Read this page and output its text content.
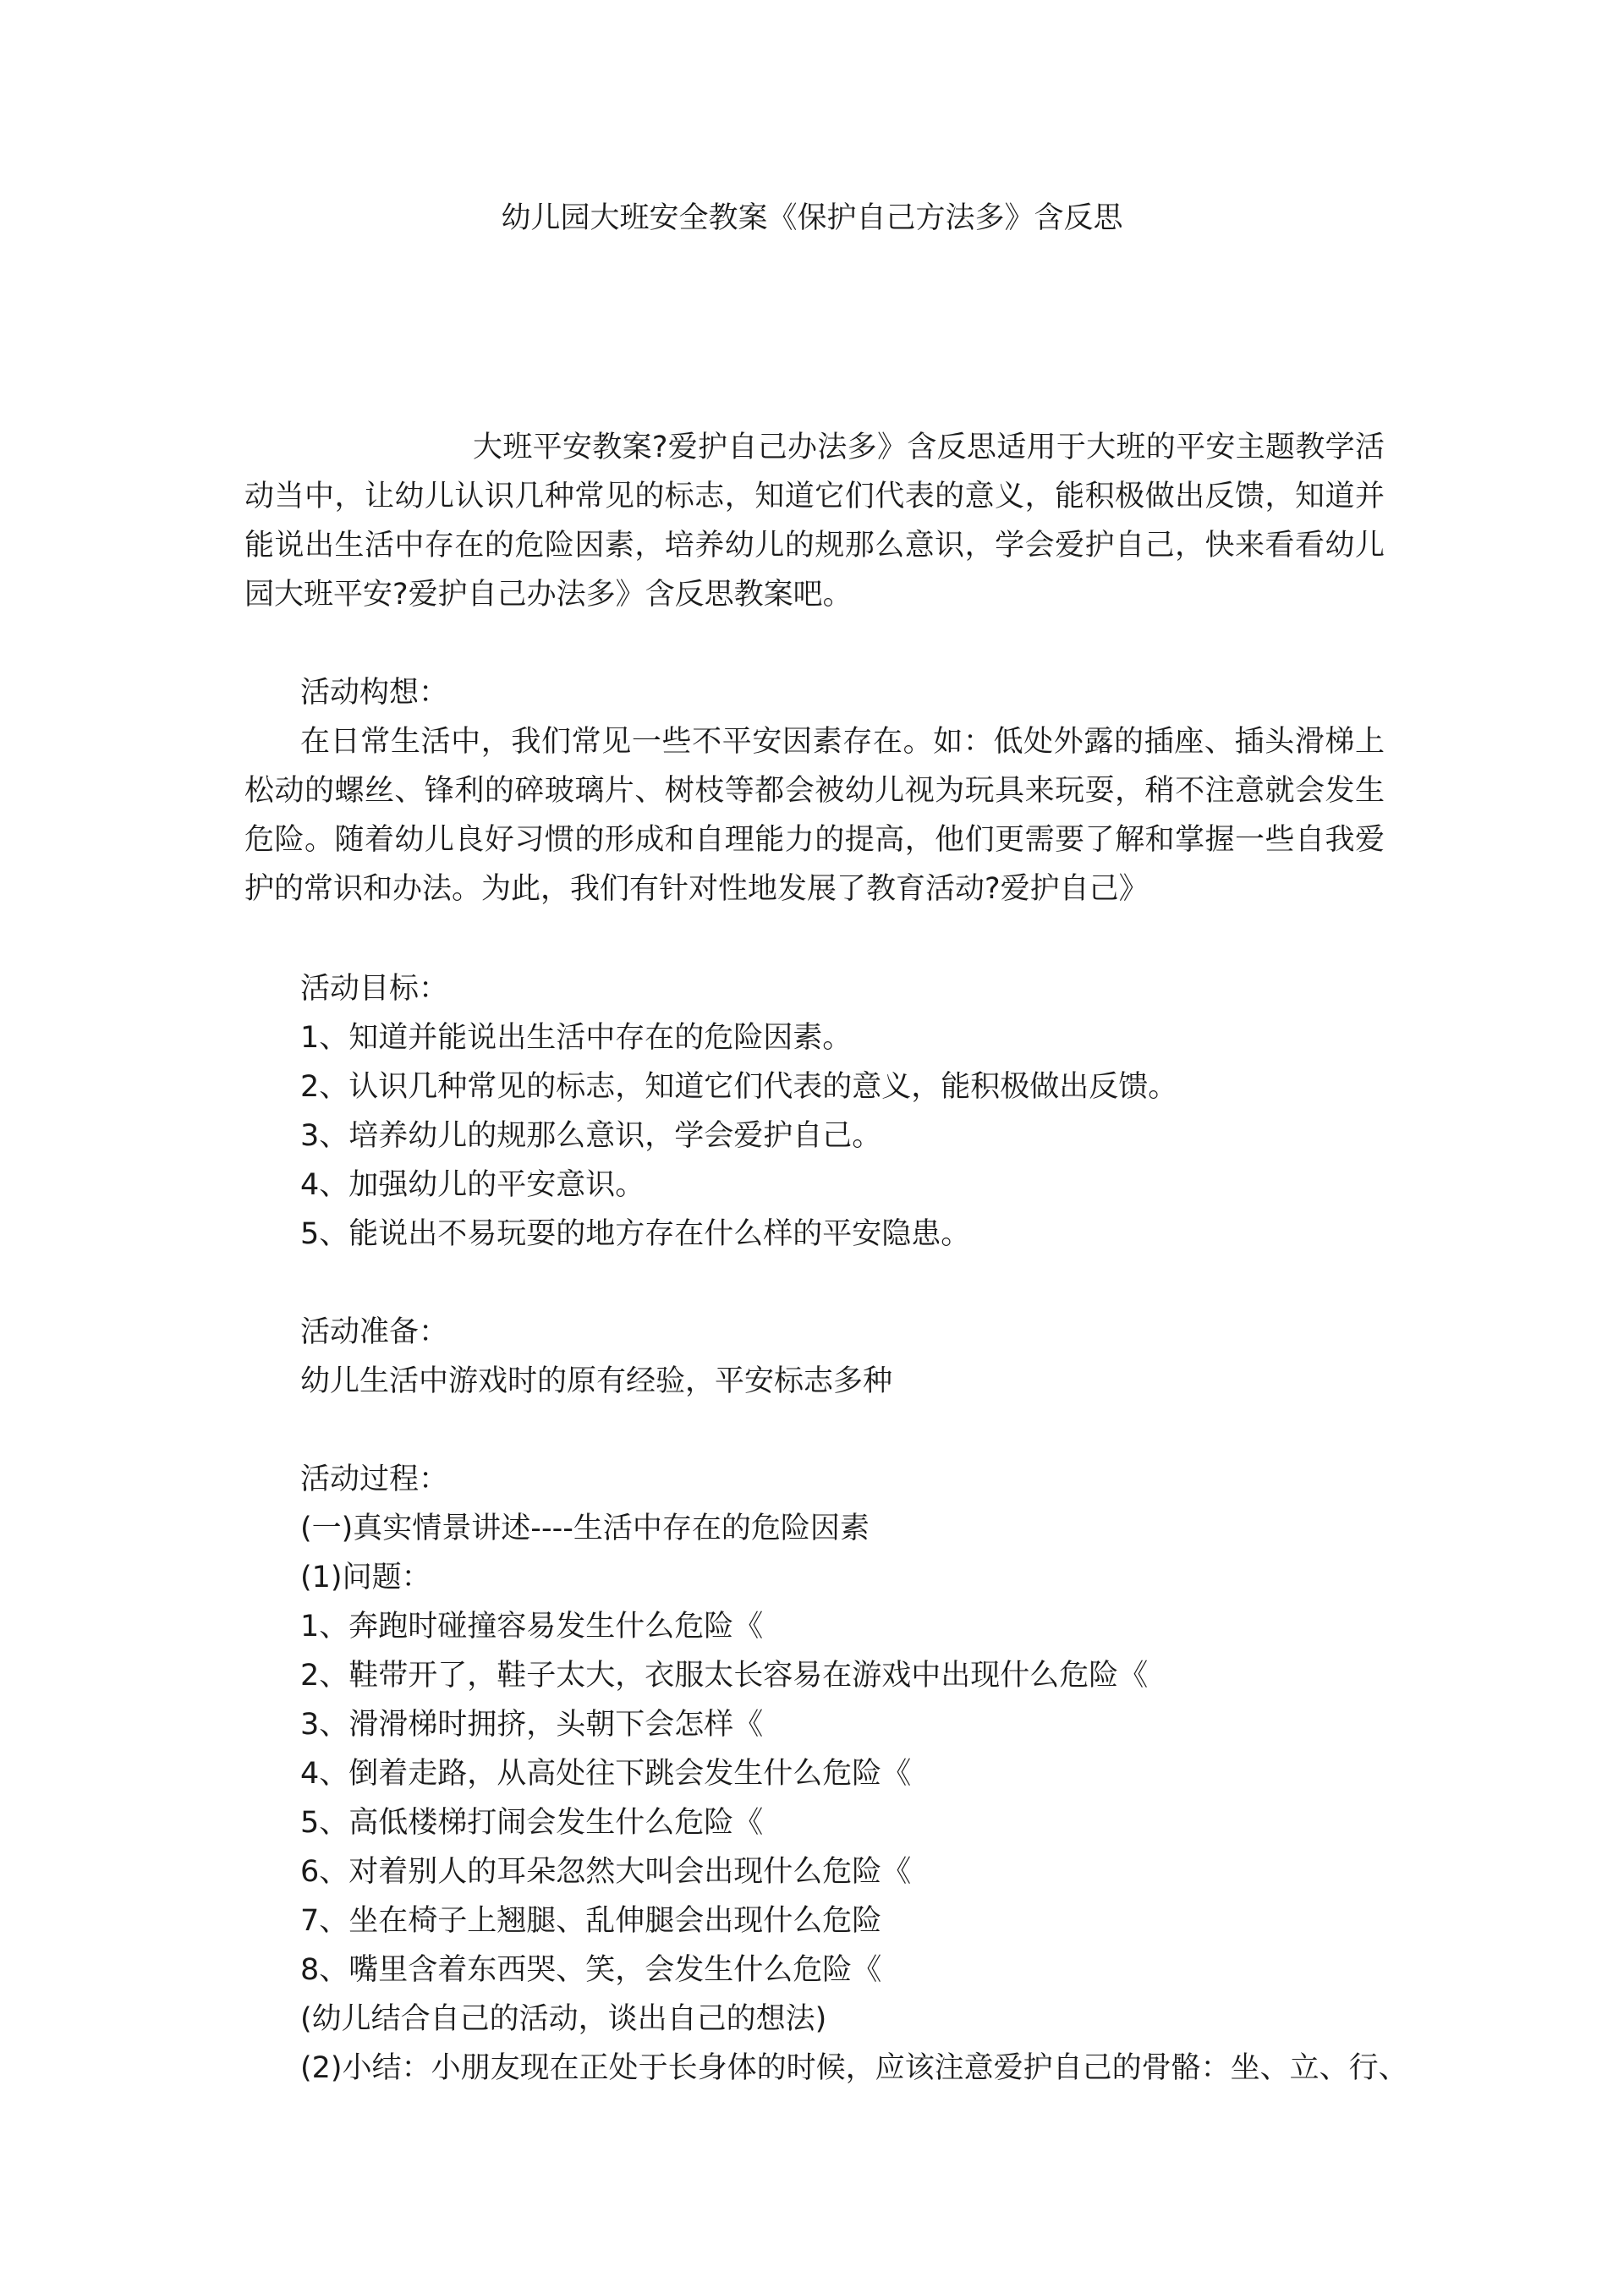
幼儿园大班安全教案《保护自己方法多》含反思
大班平安教案?爱护自己办法多》含反思适用于大班的平安主题教学活动当中，让幼儿认识几种常见的标志，知道它们代表的意义，能积极做出反馈，知道并能说出生活中存在的危险因素，培养幼儿的规那么意识，学会爱护自己，快来看看幼儿园大班平安?爱护自己办法多》含反思教案吧。
活动构想：
在日常生活中，我们常见一些不平安因素存在。如：低处外露的插座、插头滑梯上松动的螺丝、锋利的碎玻璃片、树枝等都会被幼儿视为玩具来玩耍，稍不注意就会发生危险。随着幼儿良好习惯的形成和自理能力的提高，他们更需要了解和掌握一些自我爱护的常识和办法。为此，我们有针对性地发展了教育活动?爱护自己》
活动目标：
1、知道并能说出生活中存在的危险因素。
2、认识几种常见的标志，知道它们代表的意义，能积极做出反馈。
3、培养幼儿的规那么意识，学会爱护自己。
4、加强幼儿的平安意识。
5、能说出不易玩耍的地方存在什么样的平安隐患。
活动准备：
幼儿生活中游戏时的原有经验，平安标志多种
活动过程：
(一)真实情景讲述----生活中存在的危险因素
(1)问题：
1、奔跑时碰撞容易发生什么危险《
2、鞋带开了，鞋子太大，衣服太长容易在游戏中出现什么危险《
3、滑滑梯时拥挤，头朝下会怎样《
4、倒着走路，从高处往下跳会发生什么危险《
5、高低楼梯打闹会发生什么危险《
6、对着别人的耳朵忽然大叫会出现什么危险《
7、坐在椅子上翘腿、乱伸腿会出现什么危险
8、嘴里含着东西哭、笑，会发生什么危险《
(幼儿结合自己的活动，谈出自己的想法)
(2)小结：小朋友现在正处于长身体的时候，应该注意爱护自己的骨骼：坐、立、行、
